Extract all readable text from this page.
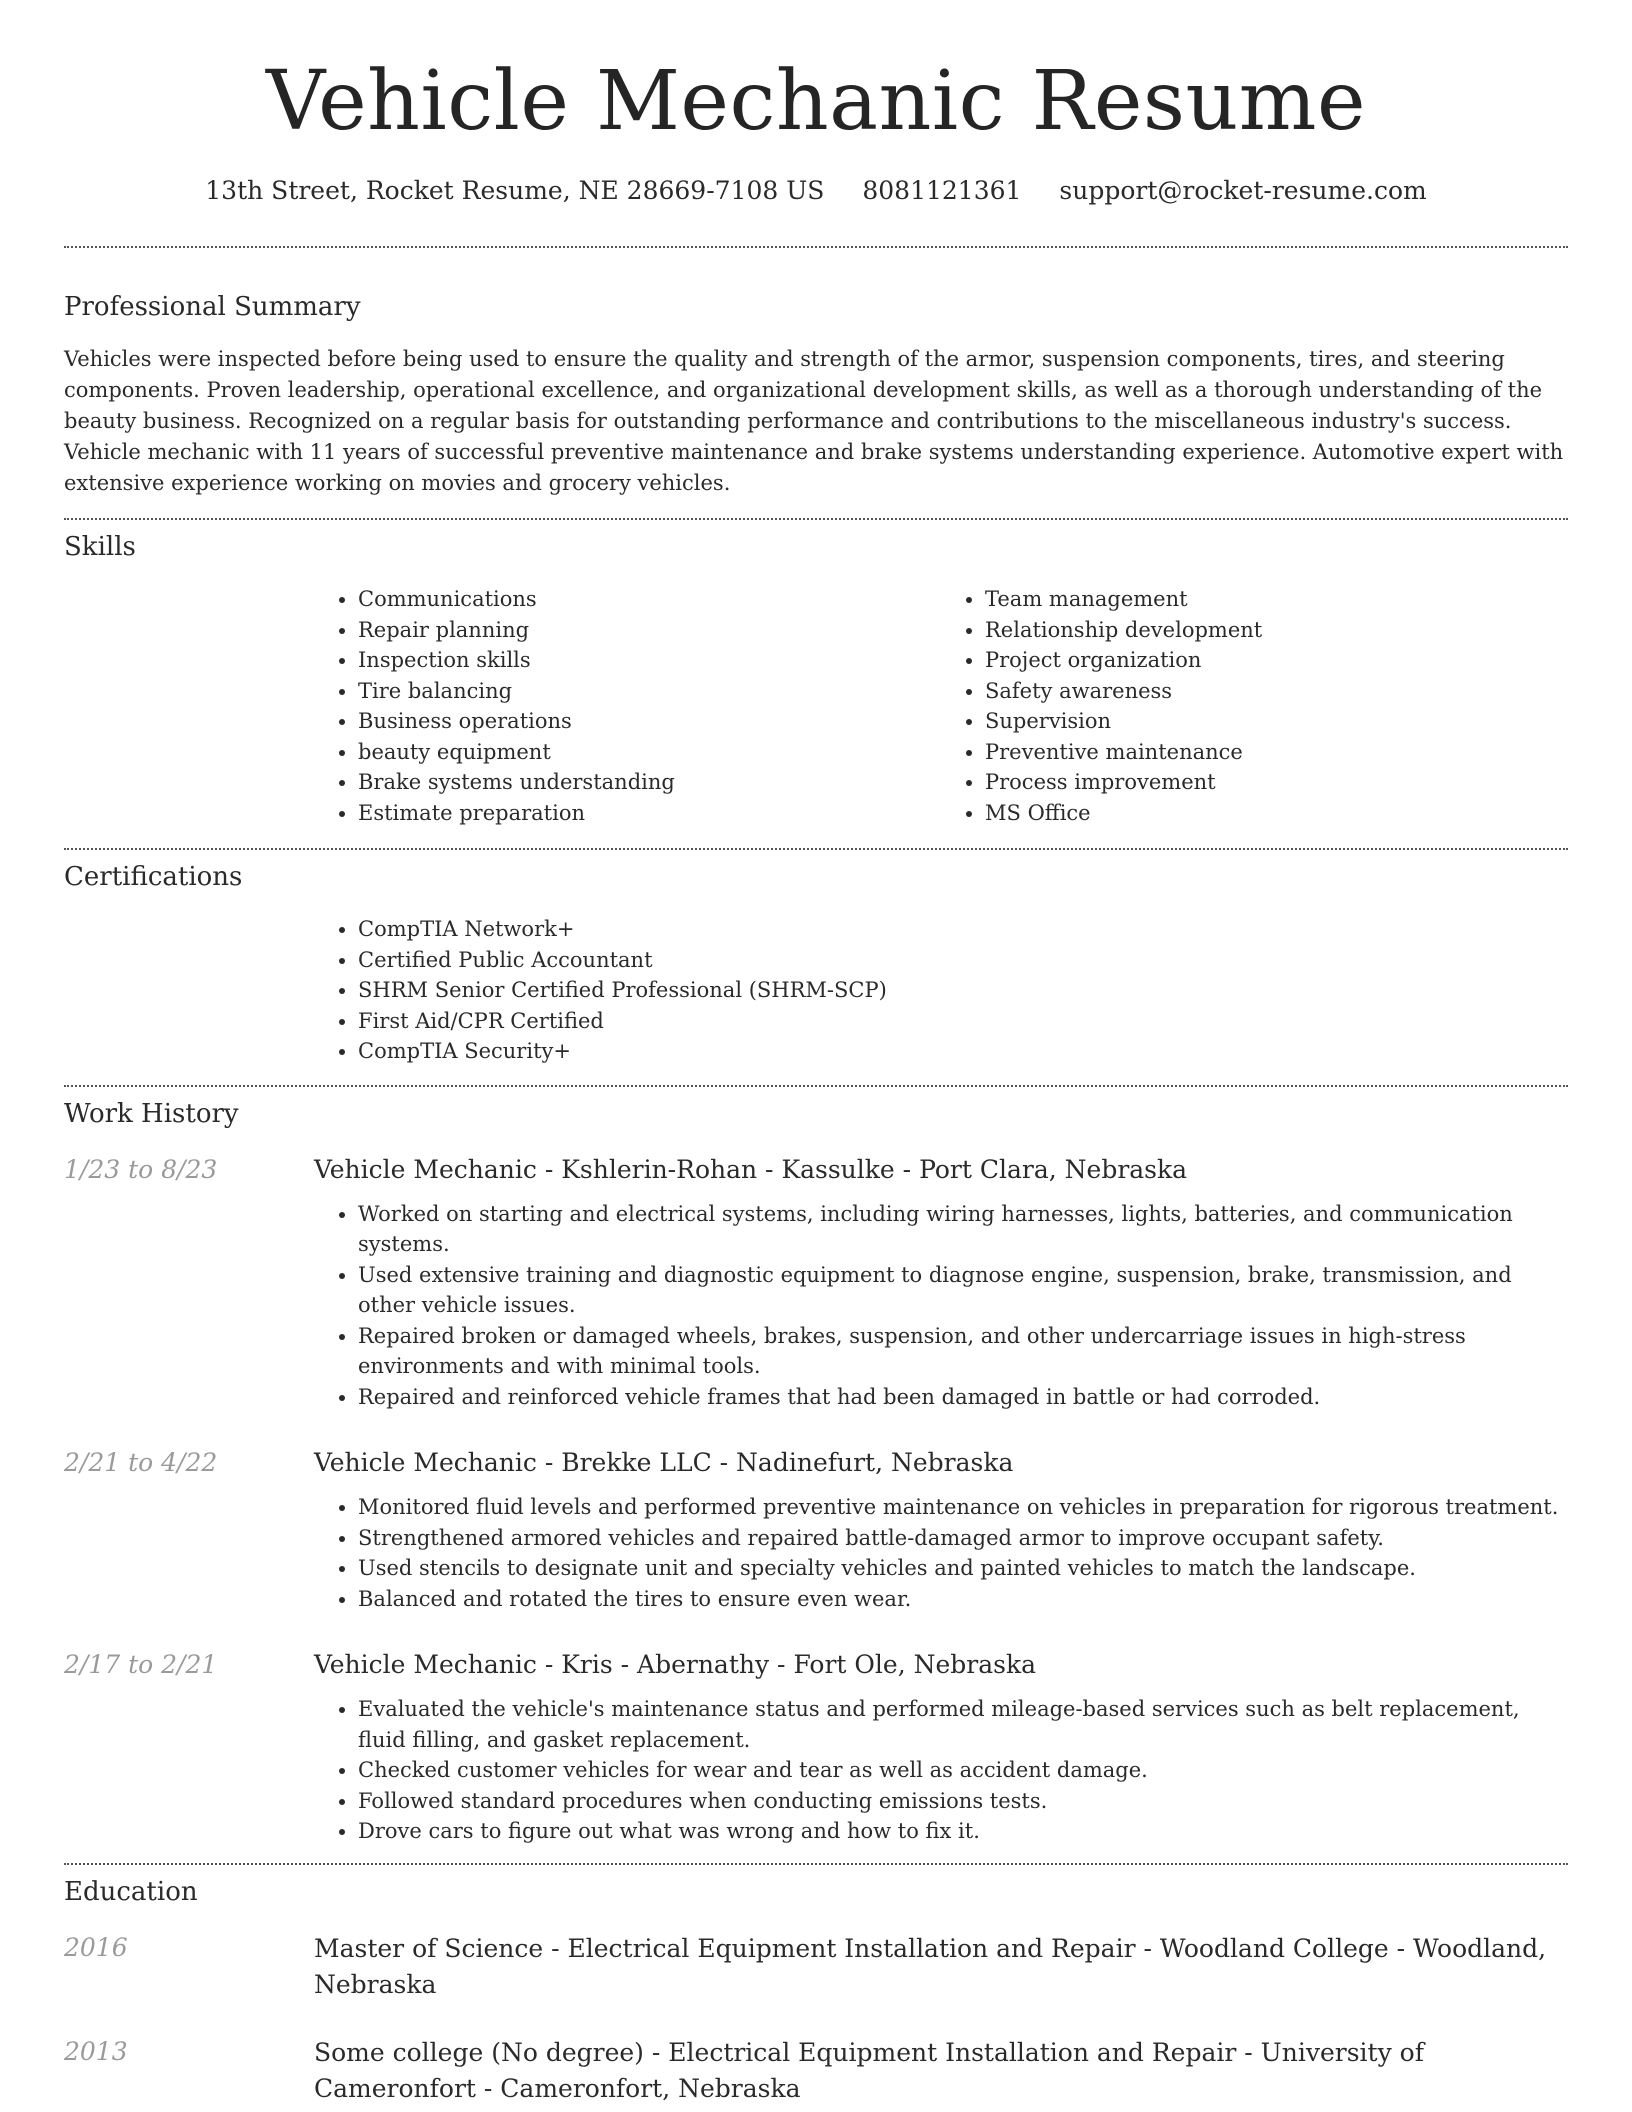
Vehicle Mechanic Resume
13th Street, Rocket Resume, NE 28669-7108 US 8081121361 support@rocket-resume.com
Professional Summary

Vehicles were inspected before being used to ensure the quality and strength of the armor, suspension components, tires, and steering components. Proven leadership, operational excellence, and organizational development skills, as well as a thorough understanding of the beauty business. Recognized on a regular basis for outstanding performance and contributions to the miscellaneous industry's success. Vehicle mechanic with 11 years of successful preventive maintenance and brake systems understanding experience. Automotive expert with extensive experience working on movies and grocery vehicles.

Skills
• Communications
• Repair planning
• Inspection skills
• Tire balancing
• Business operations
• beauty equipment
• Brake systems understanding
• Estimate preparation
• Team management
• Relationship development
• Project organization
• Safety awareness
• Supervision
• Preventive maintenance
• Process improvement
• MS Office
Certifications
• CompTIA Network+
• Certified Public Accountant
• SHRM Senior Certified Professional (SHRM-SCP)
• First Aid/CPR Certified
• CompTIA Security+
Work History
1/23 to 8/23	Vehicle Mechanic - Kshlerin-Rohan - Kassulke - Port Clara, Nebraska
• Worked on starting and electrical systems, including wiring harnesses, lights, batteries, and communication systems.
• Used extensive training and diagnostic equipment to diagnose engine, suspension, brake, transmission, and other vehicle issues.
• Repaired broken or damaged wheels, brakes, suspension, and other undercarriage issues in high-stress environments and with minimal tools.
• Repaired and reinforced vehicle frames that had been damaged in battle or had corroded.
2/21 to 4/22	Vehicle Mechanic - Brekke LLC - Nadinefurt, Nebraska
• Monitored fluid levels and performed preventive maintenance on vehicles in preparation for rigorous treatment.
• Strengthened armored vehicles and repaired battle-damaged armor to improve occupant safety.
• Used stencils to designate unit and specialty vehicles and painted vehicles to match the landscape.
• Balanced and rotated the tires to ensure even wear.
2/17 to 2/21	Vehicle Mechanic - Kris - Abernathy - Fort Ole, Nebraska
• Evaluated the vehicle's maintenance status and performed mileage-based services such as belt replacement, fluid filling, and gasket replacement.
• Checked customer vehicles for wear and tear as well as accident damage.
• Followed standard procedures when conducting emissions tests.
• Drove cars to figure out what was wrong and how to fix it.
Education
2016	Master of Science - Electrical Equipment Installation and Repair - Woodland College - Woodland, Nebraska
2013	Some college (No degree) - Electrical Equipment Installation and Repair - University of Cameronfort - Cameronfort, Nebraska
